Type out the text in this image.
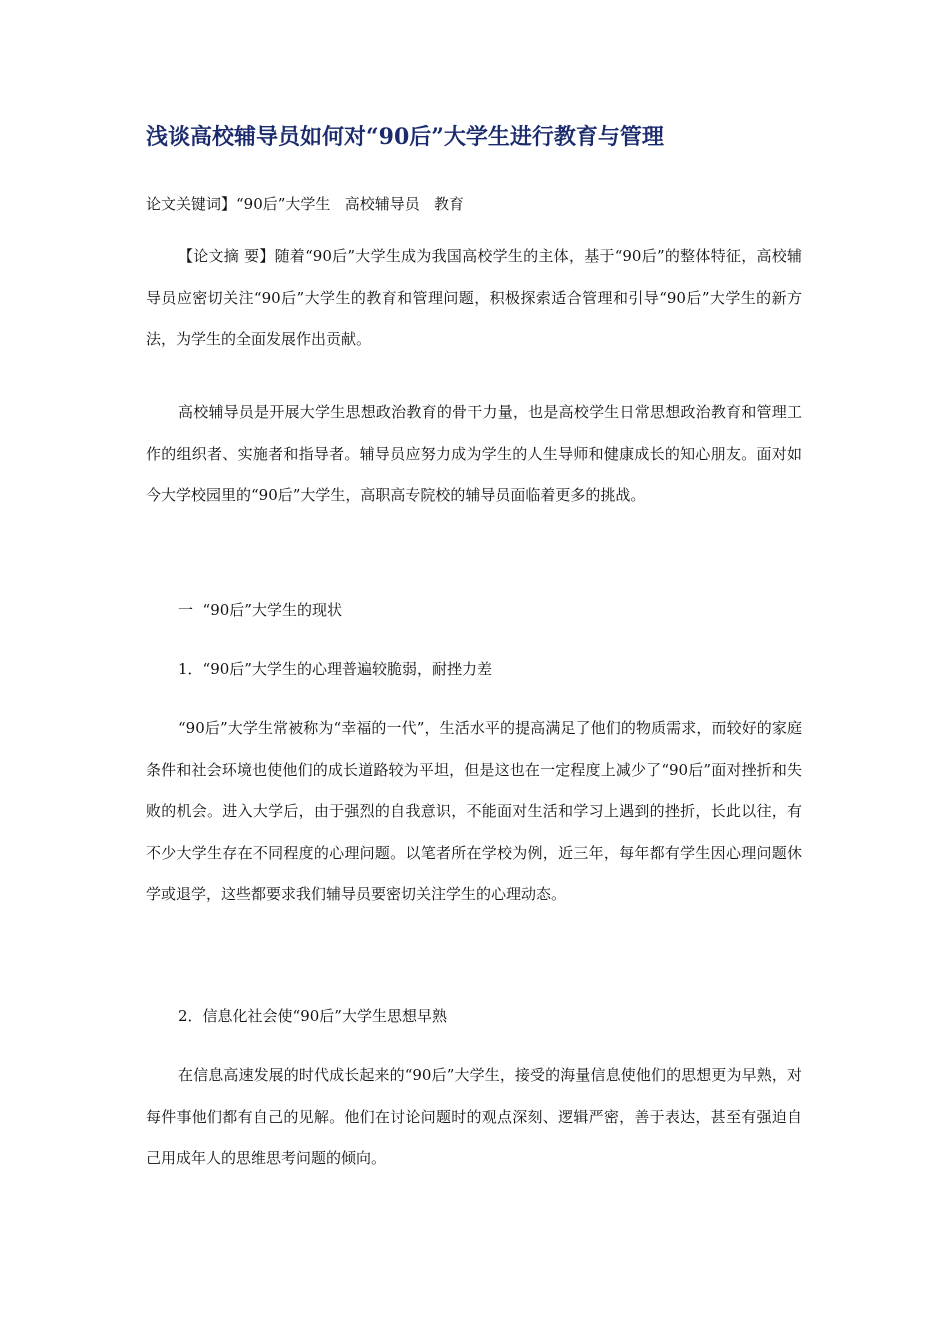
浅谈高校辅导员如何对“90后”大学生进行教育与管理
论文关键词】“90后”大学生   高校辅导员   教育

【论文摘 要】随着“90后”大学生成为我国高校学生的主体，基于“90后”的整体特征，高校辅导员应密切关注“90后”大学生的教育和管理问题，积极探索适合管理和引导“90后”大学生的新方法，为学生的全面发展作出贡献。

高校辅导员是开展大学生思想政治教育的骨干力量，也是高校学生日常思想政治教育和管理工作的组织者、实施者和指导者。辅导员应努力成为学生的人生导师和健康成长的知心朋友。面对如今大学校园里的“90后”大学生，高职高专院校的辅导员面临着更多的挑战。

一  “90后”大学生的现状
1．“90后”大学生的心理普遍较脆弱，耐挫力差

“90后”大学生常被称为“幸福的一代”，生活水平的提高满足了他们的物质需求，而较好的家庭条件和社会环境也使他们的成长道路较为平坦，但是这也在一定程度上减少了“90后”面对挫折和失败的机会。进入大学后，由于强烈的自我意识，不能面对生活和学习上遇到的挫折，长此以往，有不少大学生存在不同程度的心理问题。以笔者所在学校为例，近三年，每年都有学生因心理问题休学或退学，这些都要求我们辅导员要密切关注学生的心理动态。

2．信息化社会使“90后”大学生思想早熟

在信息高速发展的时代成长起来的“90后”大学生，接受的海量信息使他们的思想更为早熟，对每件事他们都有自己的见解。他们在讨论问题时的观点深刻、逻辑严密，善于表达，甚至有强迫自己用成年人的思维思考问题的倾向。
